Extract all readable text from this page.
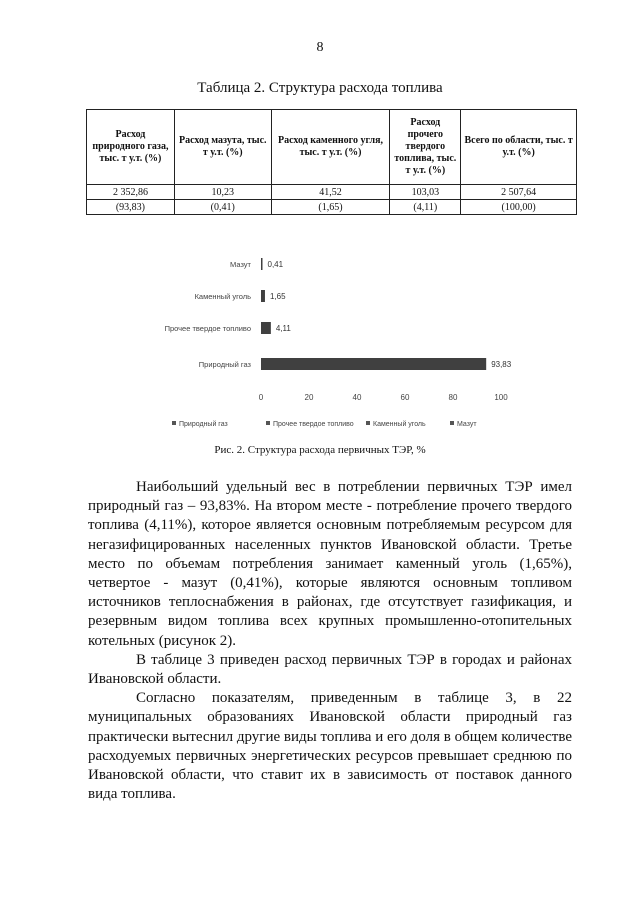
8
Таблица 2. Структура расхода топлива
Расход природного газа, тыс. т у.т. (%)	Расход мазута, тыс. т у.т. (%)	Расход каменного угля, тыс. т у.т. (%)	Расход прочего твердого топлива, тыс. т у.т. (%)	Всего по области, тыс. т у.т. (%)
2 352,86	10,23	41,52	103,03	2 507,64
(93,83)	(0,41)	(1,65)	(4,11)	(100,00)
Мазут 0,41
Каменный уголь 1,65
Прочее твердое топливо	4,11
Природный газ	93,83
0	20	40	60	80	100
Природный газ	Прочее твердое топливо	Каменный уголь	Мазут
Рис. 2. Структура расхода первичных ТЭР, %

Наибольший удельный вес в потреблении первичных ТЭР имел природный газ – 93,83%. На втором месте - потребление прочего твердого топлива (4,11%), которое является основным потребляемым ресурсом для негазифицированных населенных пунктов Ивановской области. Третье место по объемам потребления занимает каменный уголь (1,65%), четвертое - мазут (0,41%), которые являются основным топливом источников теплоснабжения в районах, где отсутствует газификация, и резервным видом топлива всех крупных промышленно-отопительных котельных (рисунок 2).

В таблице 3 приведен расход первичных ТЭР в городах и районах Ивановской области.

Согласно показателям, приведенным в таблице 3, в 22 муниципальных образованиях Ивановской области природный газ практически вытеснил другие виды топлива и его доля в общем количестве расходуемых первичных энергетических ресурсов превышает среднюю по Ивановской области, что ставит их в зависимость от поставок данного вида топлива.
